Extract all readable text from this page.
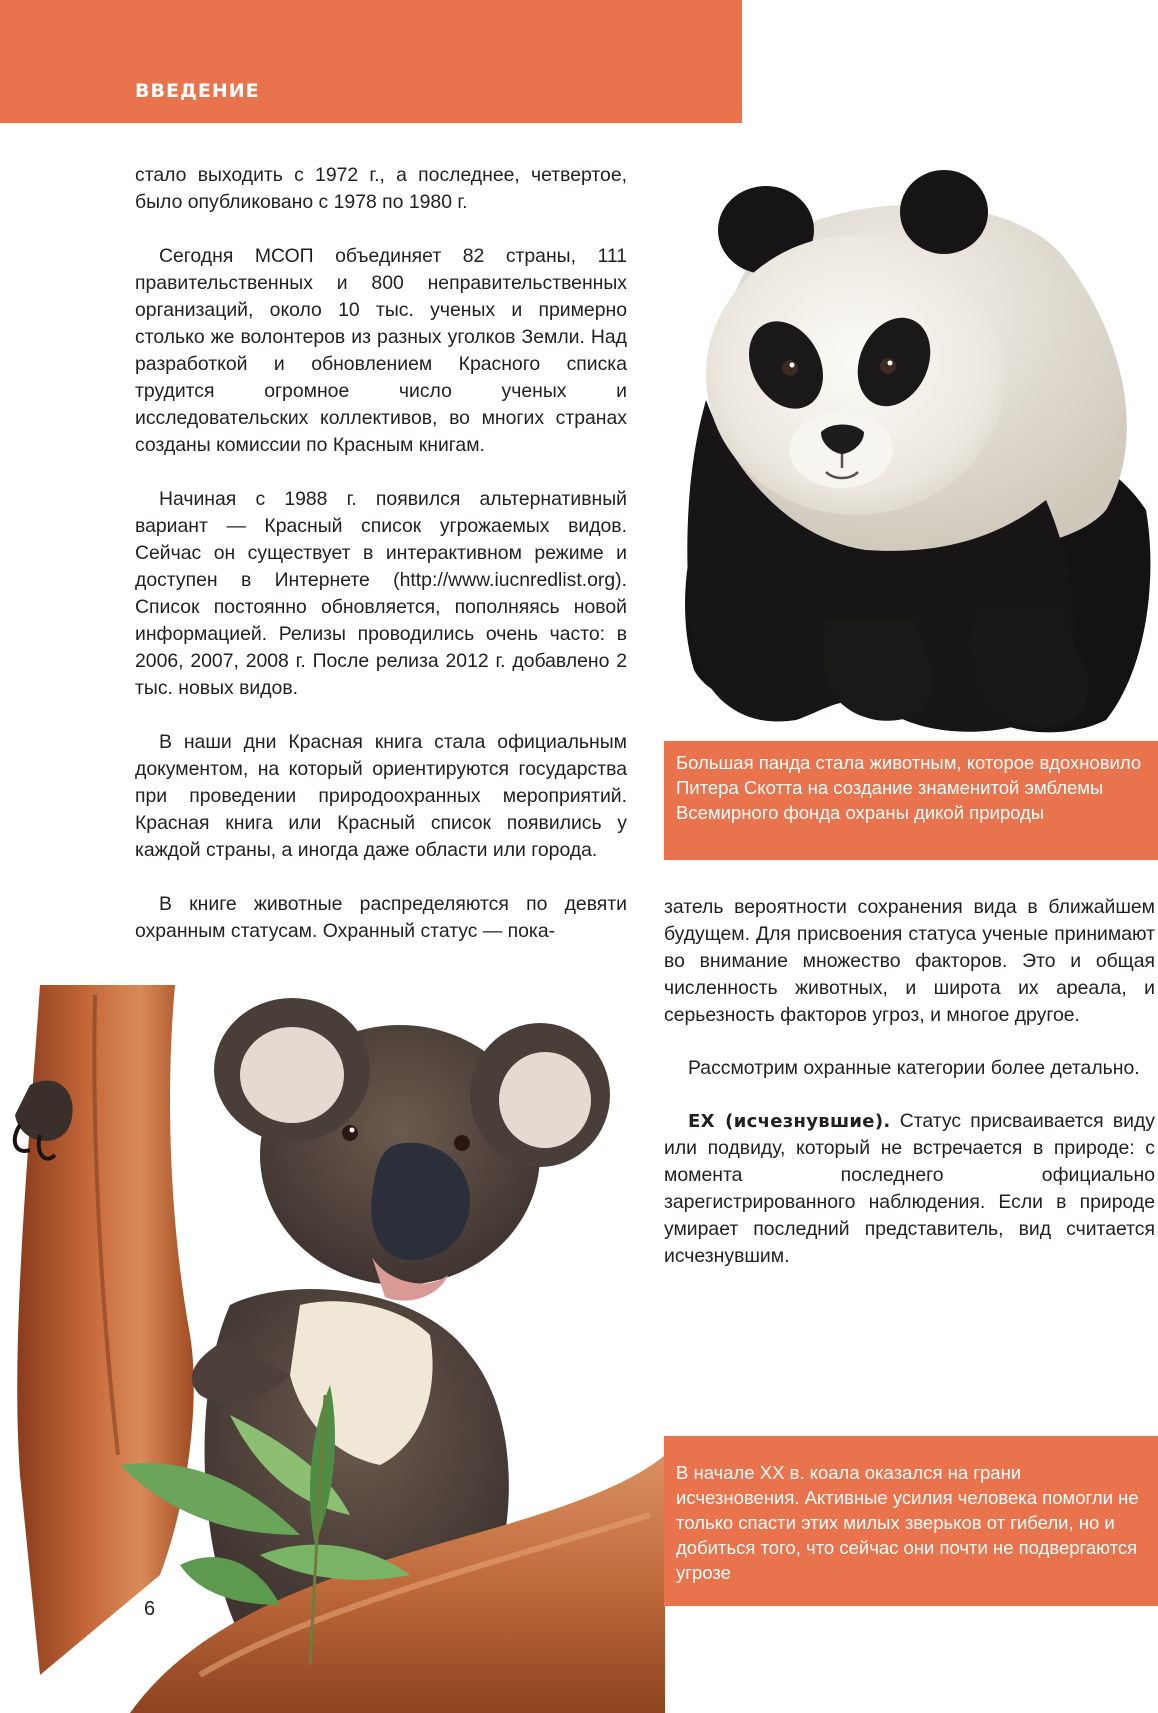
ВВЕДЕНИЕ

стало выходить с 1972 г., а последнее, четвертое, было опубликовано с 1978 по 1980 г.

Сегодня МСОП объединяет 82 страны, 111 правительственных и 800 неправительственных организаций, около 10 тыс. ученых и примерно столько же волонтеров из разных уголков Земли. Над разработкой и обновлением Красного списка трудится огромное число ученых и исследовательских коллективов, во многих странах созданы комиссии по Красным книгам.

Начиная с 1988 г. появился альтернативный вариант — Красный список угрожаемых видов. Сейчас он существует в интерактивном режиме и доступен в Интернете (http://www.iucnredlist.org). Список постоянно обновляется, пополняясь новой информацией. Релизы проводились очень часто: в 2006, 2007, 2008 г. После релиза 2012 г. добавлено 2 тыс. новых видов.

В наши дни Красная книга стала официальным документом, на который ориентируются государства при проведении природоохранных мероприятий. Красная книга или Красный список появились у каждой страны, а иногда даже области или города.

В книге животные распределяются по девяти охранным статусам. Охранный статус — пока-

Большая панда стала животным, которое вдохновило Питера Скотта на создание знаменитой эмблемы Всемирного фонда охраны дикой природы

затель вероятности сохранения вида в ближайшем будущем. Для присвоения статуса ученые принимают во внимание множество факторов. Это и общая численность животных, и широта их ареала, и серьезность факторов угроз, и многое другое.

Рассмотрим охранные категории более детально.

EX (исчезнувшие). Статус присваивается виду или подвиду, который не встречается в природе: с момента последнего официально зарегистрированного наблюдения. Если в природе умирает последний представитель, вид считается исчезнувшим.

В начале XX в. коала оказался на грани исчезновения. Активные усилия человека помогли не только спасти этих милых зверьков от гибели, но и добиться того, что сейчас они почти не подвергаются угрозе
6
